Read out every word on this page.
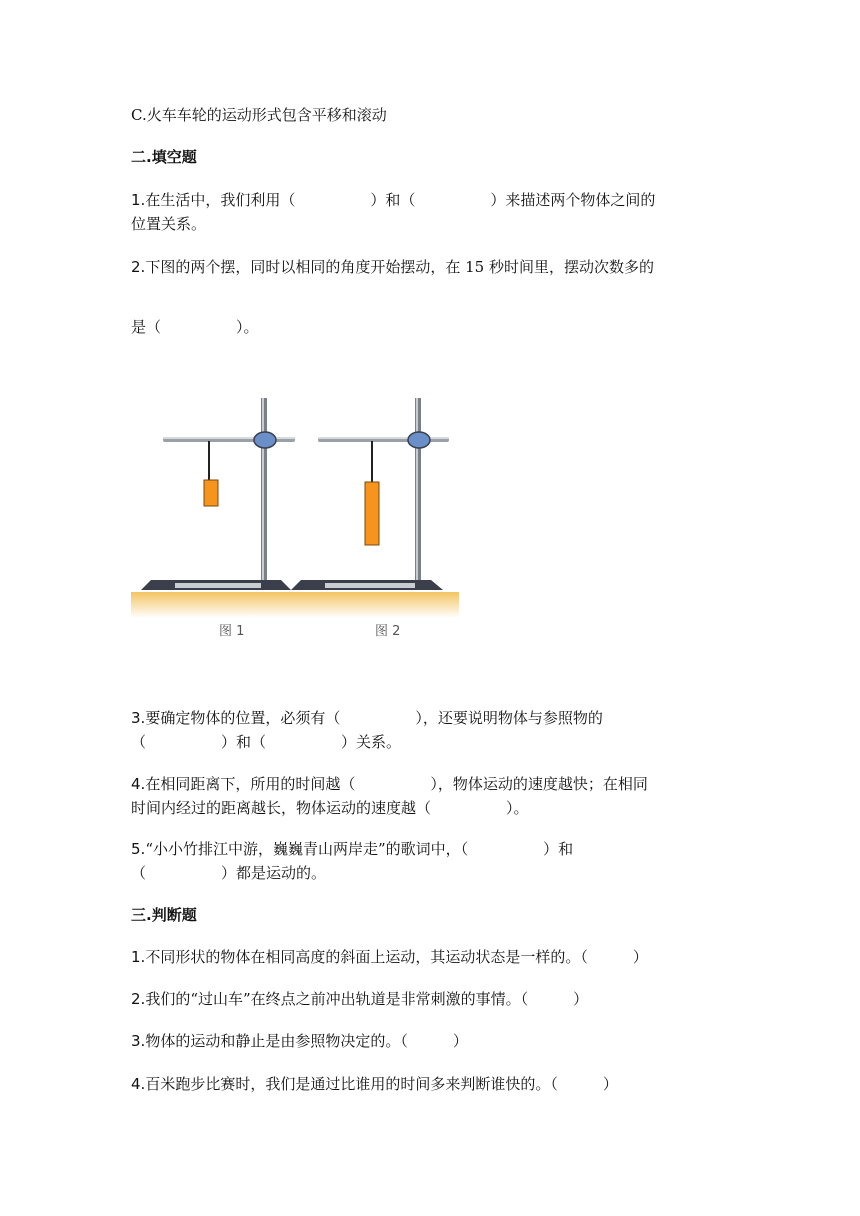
C.火车车轮的运动形式包含平移和滚动
二.填空题
1.在生活中，我们利用（　　　　　）和（　　　　　）来描述两个物体之间的
位置关系。
2.下图的两个摆，同时以相同的角度开始摆动，在 15 秒时间里，摆动次数多的
是（　　　　　）。
图 1	图 2
3.要确定物体的位置，必须有（　　　　　），还要说明物体与参照物的
（　　　　　）和（　　　　　）关系。
4.在相同距离下，所用的时间越（　　　　　），物体运动的速度越快；在相同
时间内经过的距离越长，物体运动的速度越（　　　　　）。
5.“小小竹排江中游，巍巍青山两岸走”的歌词中，（　　　　　）和
（　　　　　）都是运动的。
三.判断题
1.不同形状的物体在相同高度的斜面上运动，其运动状态是一样的。（　　　）
2.我们的“过山车”在终点之前冲出轨道是非常刺激的事情。（　　　）
3.物体的运动和静止是由参照物决定的。（　　　）
4.百米跑步比赛时，我们是通过比谁用的时间多来判断谁快的。（　　　）
